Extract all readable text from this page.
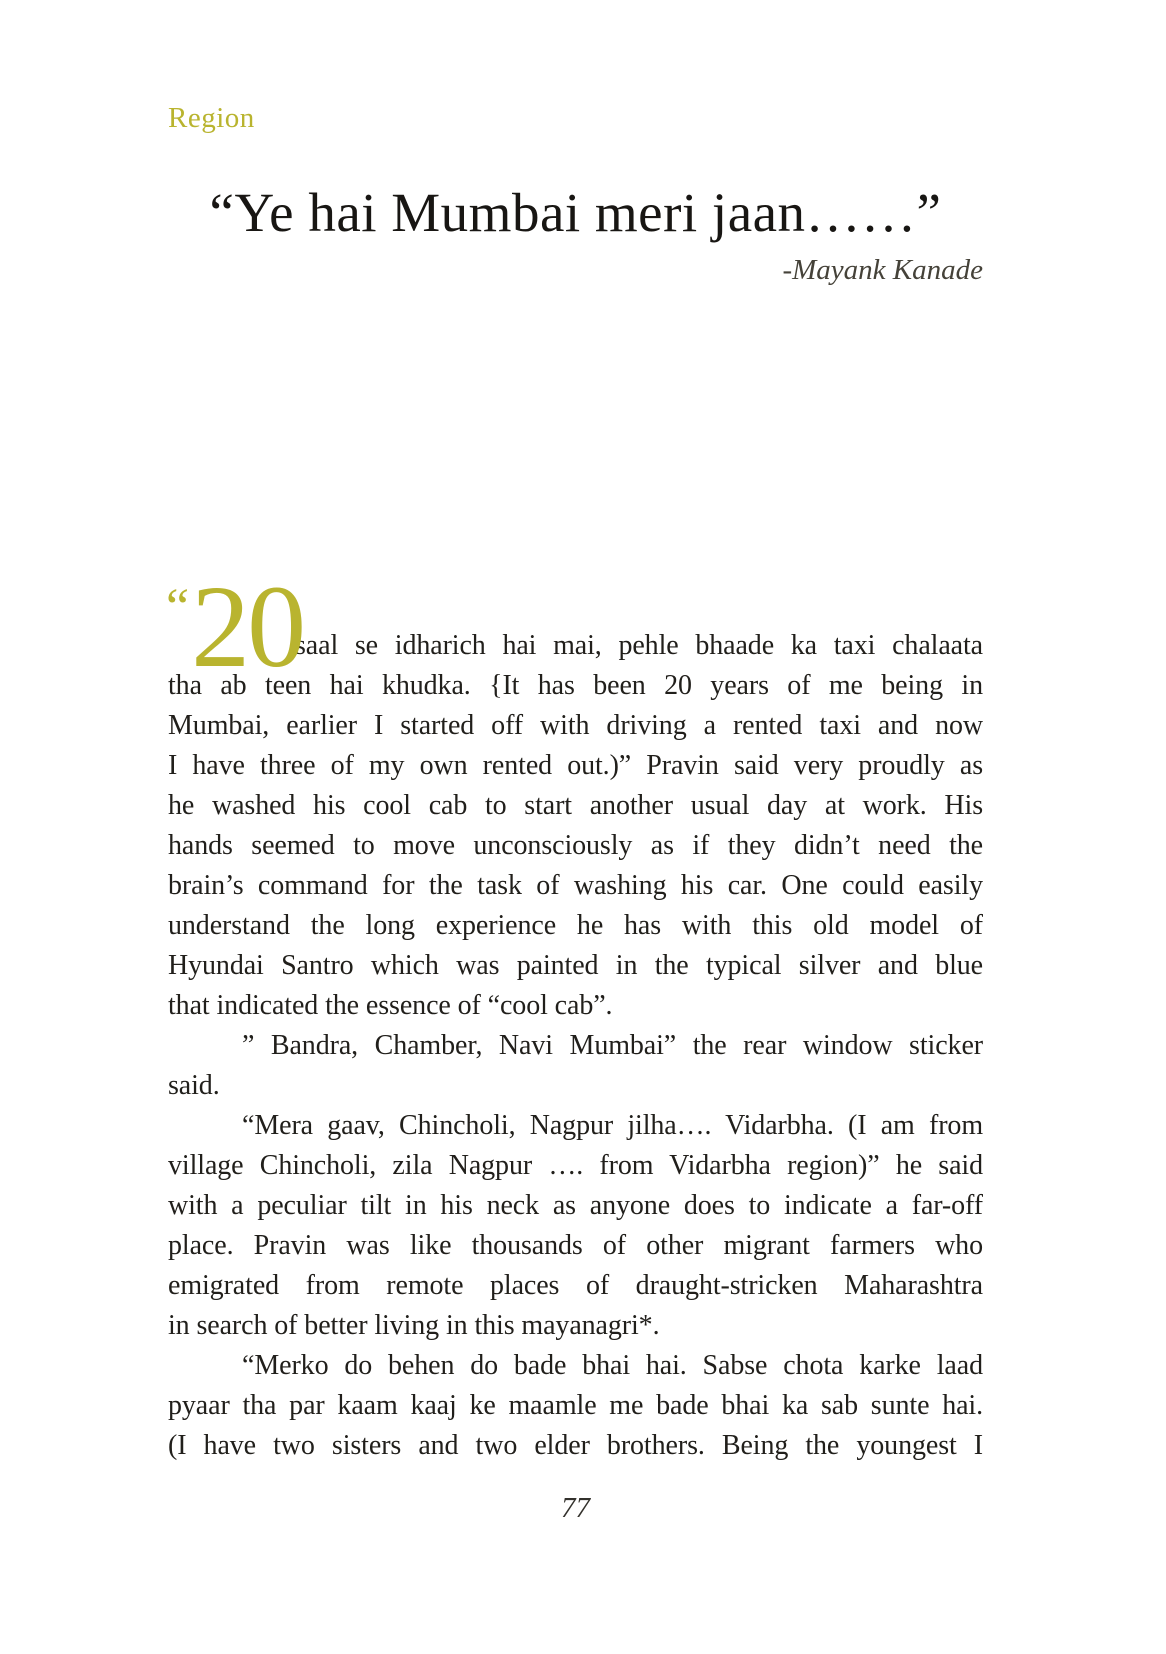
Region
“Ye hai Mumbai meri jaan……”
-Mayank Kanade
“ 20
saal se idharich hai mai, pehle bhaade ka taxi chalaata
tha ab teen hai khudka. {It has been 20 years of me being in
Mumbai, earlier I started off with driving a rented taxi and now
I have three of my own rented out.)” Pravin said very proudly as
he washed his cool cab to start another usual day at work. His
hands seemed to move unconsciously as if they didn’t need the
brain’s command for the task of washing his car. One could easily
understand the long experience he has with this old model of
Hyundai Santro which was painted in the typical silver and blue
that indicated the essence of “cool cab”.
” Bandra, Chamber, Navi Mumbai” the rear window sticker
said.
“Mera gaav, Chincholi, Nagpur jilha…. Vidarbha. (I am from
village Chincholi, zila Nagpur …. from Vidarbha region)” he said
with a peculiar tilt in his neck as anyone does to indicate a far-off
place. Pravin was like thousands of other migrant farmers who
emigrated from remote places of draught-stricken Maharashtra
in search of better living in this mayanagri*.
“Merko do behen do bade bhai hai. Sabse chota karke laad
pyaar tha par kaam kaaj ke maamle me bade bhai ka sab sunte hai.
(I have two sisters and two elder brothers. Being the youngest I
77
